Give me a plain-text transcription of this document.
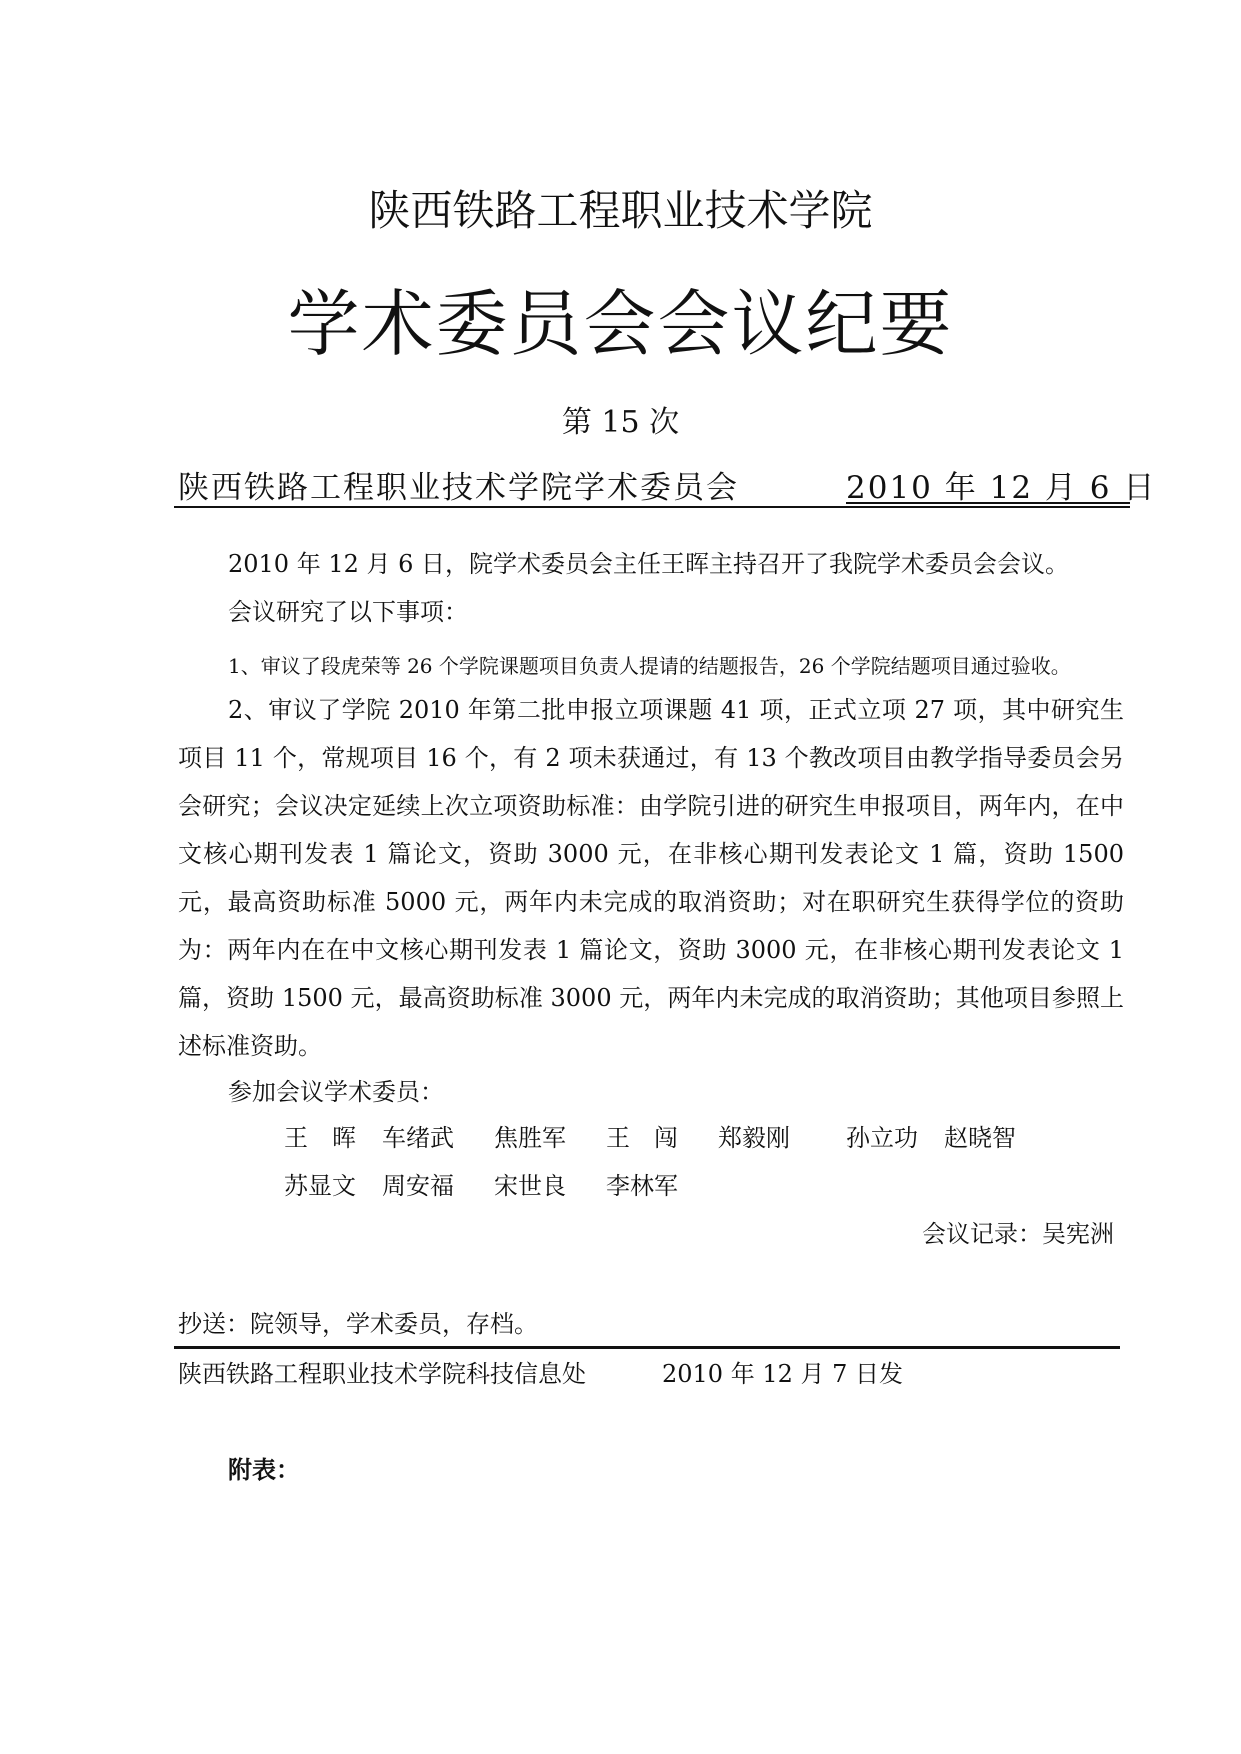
陕西铁路工程职业技术学院
学术委员会会议纪要
第 15 次
陕西铁路工程职业技术学院学术委员会	2010 年 12 月 6 日
2010 年 12 月 6 日，院学术委员会主任王晖主持召开了我院学术委员会会议。
会议研究了以下事项：
1、审议了段虎荣等 26 个学院课题项目负责人提请的结题报告，26 个学院结题项目通过验收。
2、审议了学院 2010 年第二批申报立项课题 41 项，正式立项 27 项，其中研究生项目 11 个，常规项目 16 个，有 2 项未获通过，有 13 个教改项目由教学指导委员会另会研究；会议决定延续上次立项资助标准：由学院引进的研究生申报项目，两年内，在中文核心期刊发表 1 篇论文，资助 3000 元，在非核心期刊发表论文 1 篇，资助 1500 元，最高资助标准 5000 元，两年内未完成的取消资助；对在职研究生获得学位的资助为：两年内在在中文核心期刊发表 1 篇论文，资助 3000 元，在非核心期刊发表论文 1 篇，资助 1500 元，最高资助标准 3000 元，两年内未完成的取消资助；其他项目参照上述标准资助。
参加会议学术委员：
王　晖 车绪武 焦胜军 王　闯 郑毅刚 孙立功 赵晓智
苏显文 周安福 宋世良 李林军
会议记录：吴宪洲
抄送：院领导，学术委员，存档。
陕西铁路工程职业技术学院科技信息处	2010 年 12 月 7 日发
附表：
